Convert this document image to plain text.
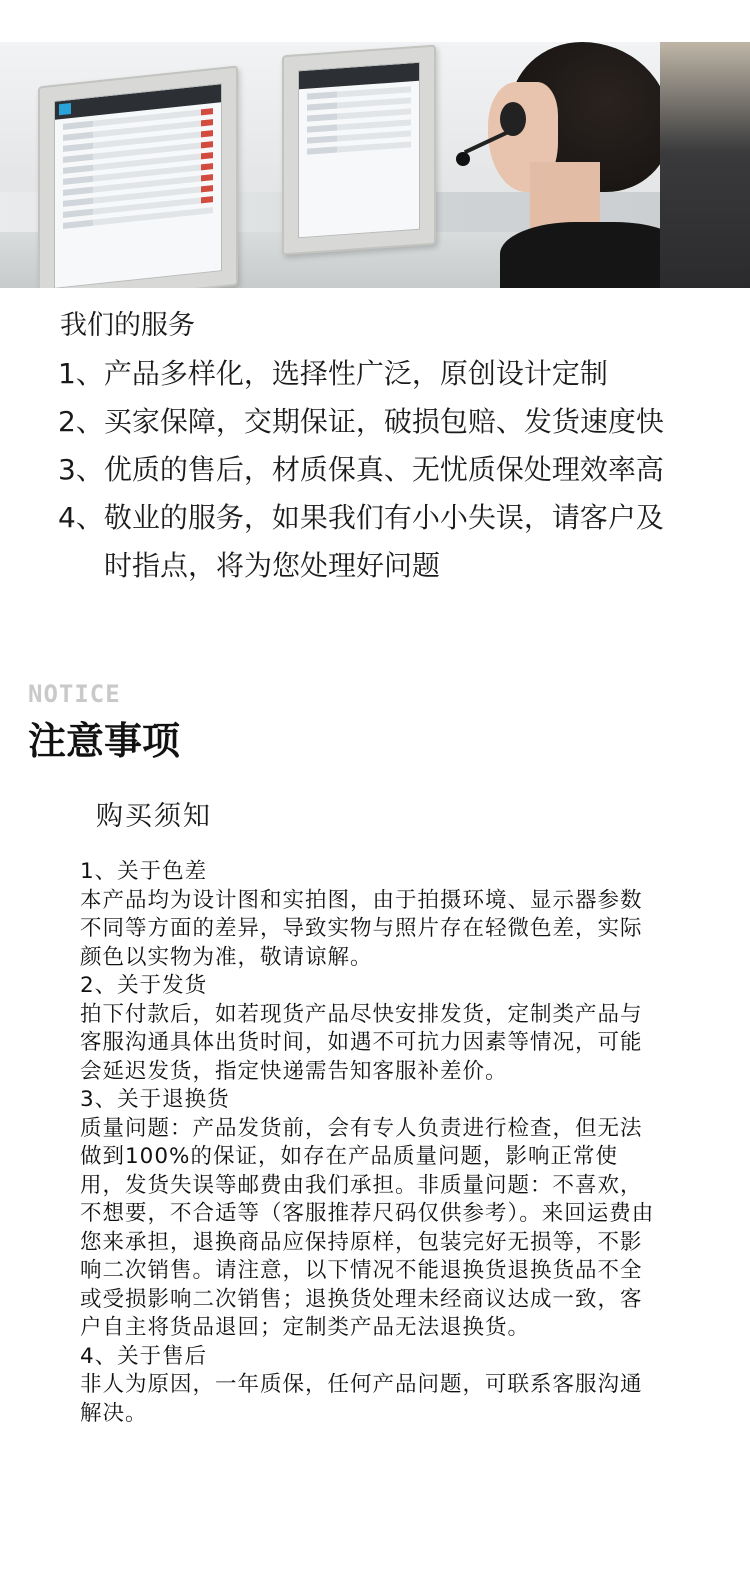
我们的服务
1、产品多样化，选择性广泛，原创设计定制
2、买家保障，交期保证，破损包赔、发货速度快
3、优质的售后，材质保真、无忧质保处理效率高
4、敬业的服务，如果我们有小小失误，请客户及
时指点，将为您处理好问题
NOTICE
注意事项
购买须知

1、关于色差

本产品均为设计图和实拍图，由于拍摄环境、显示器参数不同等方面的差异，导致实物与照片存在轻微色差，实际颜色以实物为准，敬请谅解。

2、关于发货

拍下付款后，如若现货产品尽快安排发货，定制类产品与客服沟通具体出货时间，如遇不可抗力因素等情况，可能会延迟发货，指定快递需告知客服补差价。

3、关于退换货

质量问题：产品发货前，会有专人负责进行检查，但无法做到100%的保证，如存在产品质量问题，影响正常使用，发货失误等邮费由我们承担。非质量问题：不喜欢，不想要，不合适等（客服推荐尺码仅供参考）。来回运费由您来承担，退换商品应保持原样，包装完好无损等，不影响二次销售。请注意，以下情况不能退换货退换货品不全或受损影响二次销售；退换货处理未经商议达成一致，客户自主将货品退回；定制类产品无法退换货。

4、关于售后

非人为原因，一年质保，任何产品问题，可联系客服沟通解决。
